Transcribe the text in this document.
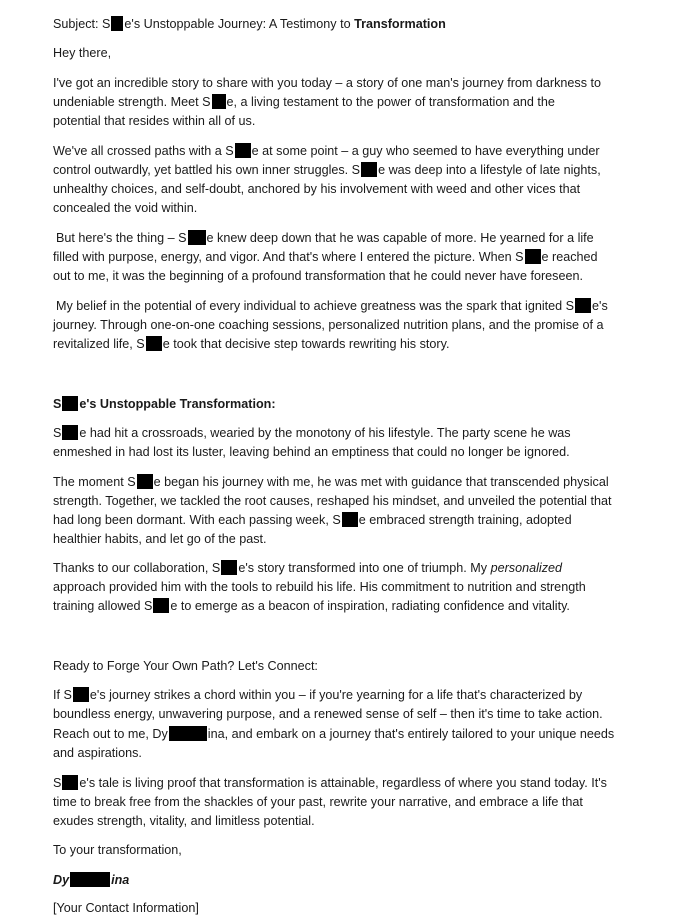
Subject: S e's Unstoppable Journey: A Testimony to Transformation
Hey there,
I've got an incredible story to share with you today – a story of one man's journey from darkness to
undeniable strength. Meet S e, a living testament to the power of transformation and the
potential that resides within all of us.
We've all crossed paths with a S e at some point – a guy who seemed to have everything under
control outwardly, yet battled his own inner struggles. S e was deep into a lifestyle of late nights,
unhealthy choices, and self-doubt, anchored by his involvement with weed and other vices that
concealed the void within.
But here's the thing – S e knew deep down that he was capable of more. He yearned for a life
filled with purpose, energy, and vigor. And that's where I entered the picture. When S e reached
out to me, it was the beginning of a profound transformation that he could never have foreseen.
My belief in the potential of every individual to achieve greatness was the spark that ignited S e's
journey. Through one-on-one coaching sessions, personalized nutrition plans, and the promise of a
revitalized life, S e took that decisive step towards rewriting his story.
S e's Unstoppable Transformation:
S e had hit a crossroads, wearied by the monotony of his lifestyle. The party scene he was
enmeshed in had lost its luster, leaving behind an emptiness that could no longer be ignored.
The moment S e began his journey with me, he was met with guidance that transcended physical
strength. Together, we tackled the root causes, reshaped his mindset, and unveiled the potential that
had long been dormant. With each passing week, S e embraced strength training, adopted
healthier habits, and let go of the past.
Thanks to our collaboration, S e's story transformed into one of triumph. My personalized
approach provided him with the tools to rebuild his life. His commitment to nutrition and strength
training allowed S e to emerge as a beacon of inspiration, radiating confidence and vitality.
Ready to Forge Your Own Path? Let's Connect:
If S e's journey strikes a chord within you – if you're yearning for a life that's characterized by
boundless energy, unwavering purpose, and a renewed sense of self – then it's time to take action.
Reach out to me, Dy	ina, and embark on a journey that's entirely tailored to your unique needs
and aspirations.
S e's tale is living proof that transformation is attainable, regardless of where you stand today. It's
time to break free from the shackles of your past, rewrite your narrative, and embrace a life that
exudes strength, vitality, and limitless potential.
To your transformation,
Dy	ina
[Your Contact Information]
